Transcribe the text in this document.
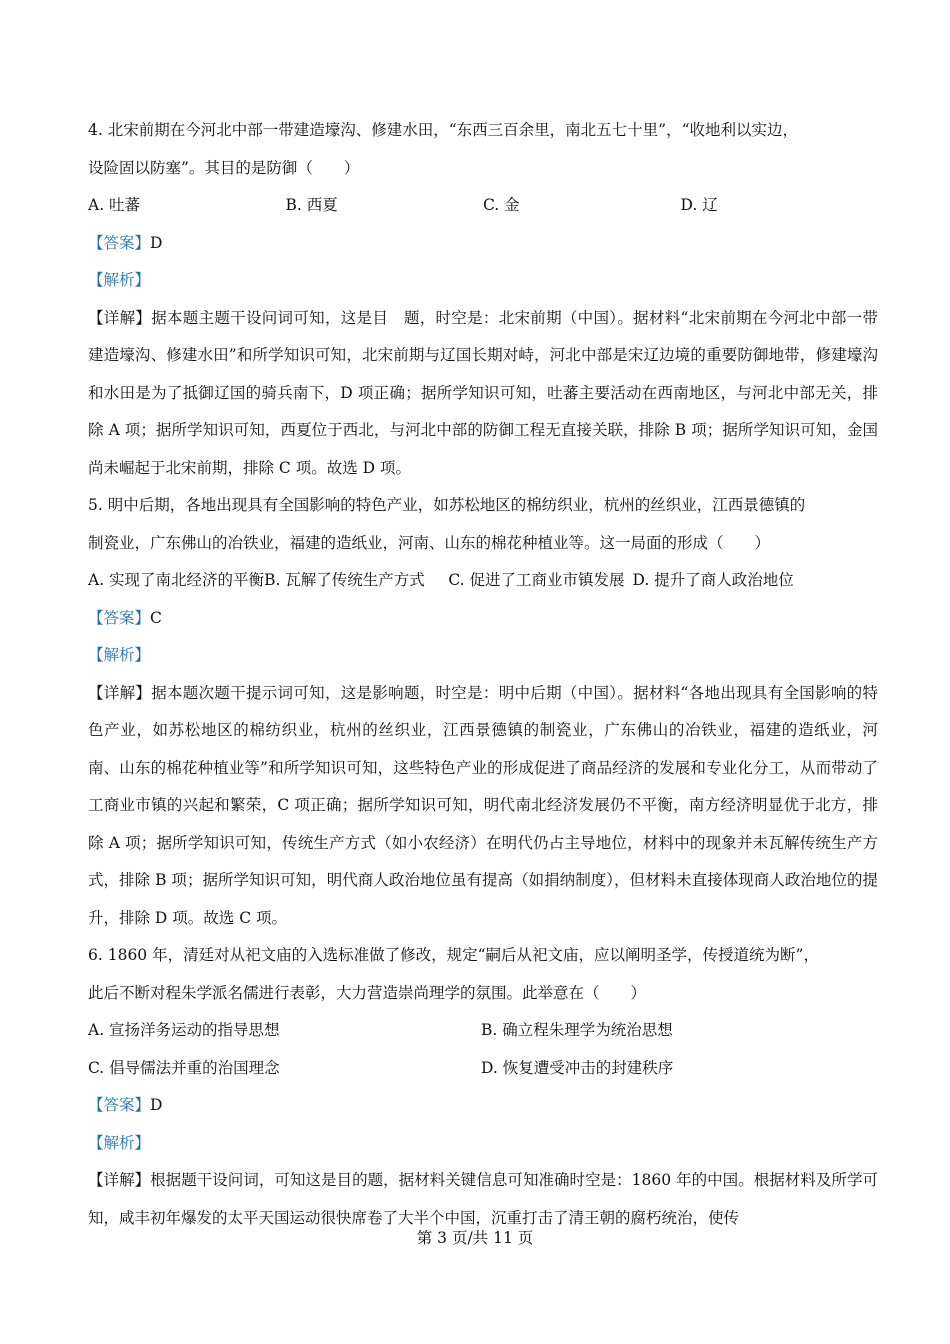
4. 北宋前期在今河北中部一带建造壕沟、修建水田，“东西三百余里，南北五七十里”，“收地利以实边，
设险固以防塞”。其目的是防御（　　）
A. 吐蕃	B. 西夏	C. 金	D. 辽
【答案】D
【解析】
【详解】据本题主题干设问词可知，这是目　题，时空是：北宋前期（中国）。据材料“北宋前期在今河北中部一带建造壕沟、修建水田”和所学知识可知，北宋前期与辽国长期对峙，河北中部是宋辽边境的重要防御地带，修建壕沟和水田是为了抵御辽国的骑兵南下，D 项正确；据所学知识可知，吐蕃主要活动在西南地区，与河北中部无关，排除 A 项；据所学知识可知，西夏位于西北，与河北中部的防御工程无直接关联，排除 B 项；据所学知识可知，金国尚未崛起于北宋前期，排除 C 项。故选 D 项。
5. 明中后期，各地出现具有全国影响的特色产业，如苏松地区的棉纺织业，杭州的丝织业，江西景德镇的
制瓷业，广东佛山的冶铁业，福建的造纸业，河南、山东的棉花种植业等。这一局面的形成（　　）
A. 实现了南北经济的平衡 B. 瓦解了传统生产方式　 C. 促进了工商业市镇发展 D. 提升了商人政治地位
【答案】C
【解析】
【详解】据本题次题干提示词可知，这是影响题，时空是：明中后期（中国）。据材料“各地出现具有全国影响的特色产业，如苏松地区的棉纺织业，杭州的丝织业，江西景德镇的制瓷业，广东佛山的冶铁业，福建的造纸业，河南、山东的棉花种植业等”和所学知识可知，这些特色产业的形成促进了商品经济的发展和专业化分工，从而带动了工商业市镇的兴起和繁荣，C 项正确；据所学知识可知，明代南北经济发展仍不平衡，南方经济明显优于北方，排除 A 项；据所学知识可知，传统生产方式（如小农经济）在明代仍占主导地位，材料中的现象并未瓦解传统生产方式，排除 B 项；据所学知识可知，明代商人政治地位虽有提高（如捐纳制度），但材料未直接体现商人政治地位的提升，排除 D 项。故选 C 项。
6. 1860 年，清廷对从祀文庙的入选标准做了修改，规定“嗣后从祀文庙，应以阐明圣学，传授道统为断”，
此后不断对程朱学派名儒进行表彰，大力营造崇尚理学的氛围。此举意在（　　）
A. 宣扬洋务运动的指导思想	B. 确立程朱理学为统治思想
C. 倡导儒法并重的治国理念	D. 恢复遭受冲击的封建秩序
【答案】D
【解析】
【详解】根据题干设问词，可知这是目的题，据材料关键信息可知准确时空是：1860 年的中国。根据材料及所学可知，咸丰初年爆发的太平天国运动很快席卷了大半个中国，沉重打击了清王朝的腐朽统治，使传
第 3 页/共 11 页
